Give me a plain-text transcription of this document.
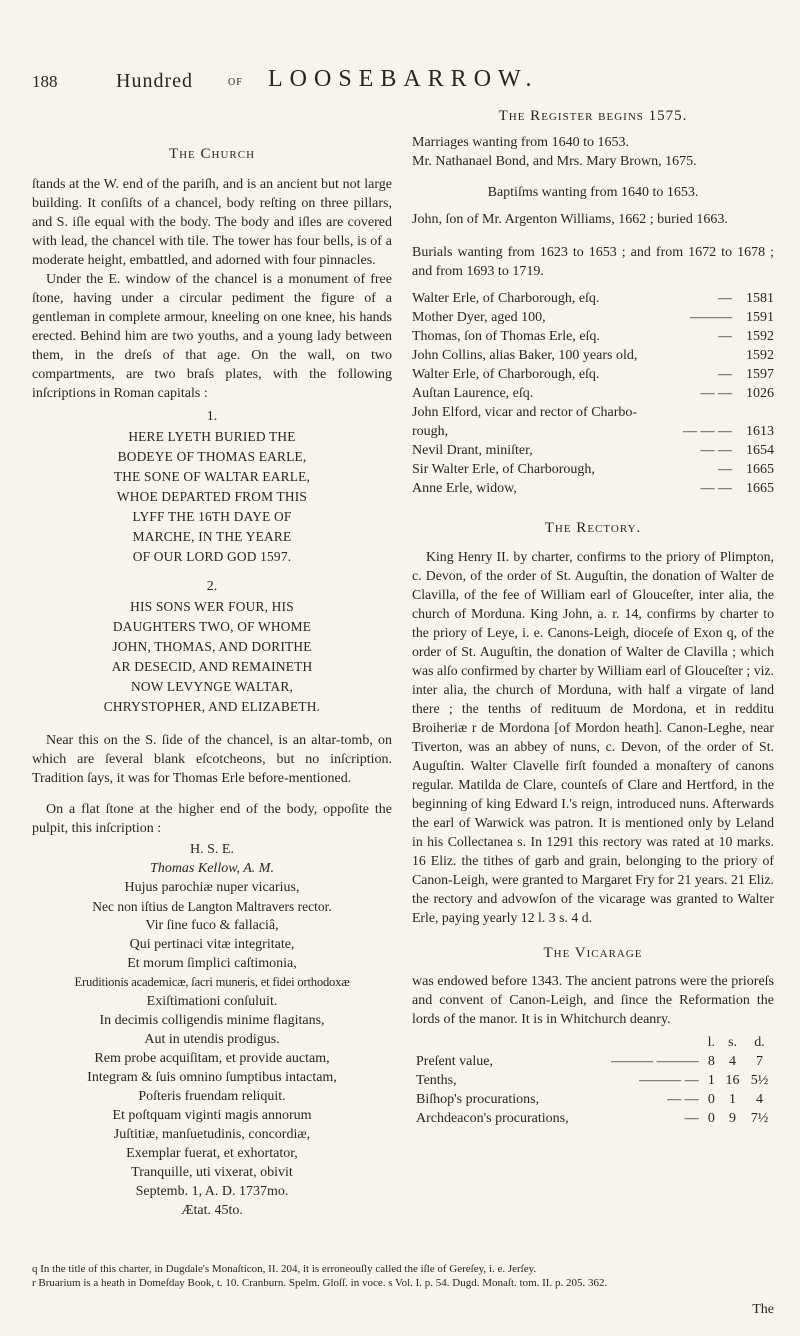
188	Hundred	of LOOSEBARROW.

The Church

ſtands at the W. end of the pariſh, and is an ancient but not large building. It conſiſts of a chancel, body reſting on three pillars, and S. iſle equal with the body. The body and iſles are covered with lead, the chancel with tile. The tower has four bells, is of a moderate height, embattled, and adorned with four pinnacles.

Under the E. window of the chancel is a monument of free ſtone, having under a circular pediment the figure of a gentleman in complete armour, kneeling on one knee, his hands erected. Behind him are two youths, and a young lady between them, in the dreſs of that age. On the wall, on two compartments, are two braſs plates, with the following inſcriptions in Roman capitals :

1.

HERE LYETH BURIED THE

BODEYE OF THOMAS EARLE,

THE SONE OF WALTAR EARLE,

WHOE DEPARTED FROM THIS

LYFF THE 16TH DAYE OF

MARCHE, IN THE YEARE

OF OUR LORD GOD 1597.

2.

HIS SONS WER FOUR, HIS

DAUGHTERS TWO, OF WHOME

JOHN, THOMAS, AND DORITHE

AR DESECID, AND REMAINETH

NOW LEVYNGE WALTAR,

CHRYSTOPHER, AND ELIZABETH.

Near this on the S. ſide of the chancel, is an altar-tomb, on which are ſeveral blank eſcotcheons, but no inſcription. Tradition ſays, it was for Thomas Erle before-mentioned.

On a flat ſtone at the higher end of the body, oppoſite the pulpit, this inſcription :

H. S. E.

Thomas Kellow, A. M.

Hujus parochiæ nuper vicarius,

Nec non iſtius de Langton Maltravers rector.

Vir ſine fuco & fallaciâ,

Qui pertinaci vitæ integritate,

Et morum ſimplici caſtimonia,

Eruditionis academicæ, ſacri muneris, et fidei orthodoxæ

Exiſtimationi conſuluit.

In decimis colligendis minime flagitans,

Aut in utendis prodigus.

Rem probe acquiſitam, et provide auctam,

Integram & ſuis omnino ſumptibus intactam,

Poſteris fruendam reliquit.

Et poſtquam viginti magis annorum

Juſtitiæ, manſuetudinis, concordiæ,

Exemplar fuerat, et exhortator,

Tranquille, uti vixerat, obivit

Septemb. 1, A. D. 1737mo.

Ætat. 45to.

The Register begins 1575.

Marriages wanting from 1640 to 1653.

Mr. Nathanael Bond, and Mrs. Mary Brown, 1675.

Baptiſms wanting from 1640 to 1653.

John, ſon of Mr. Argenton Williams, 1662 ; buried 1663.

Burials wanting from 1623 to 1653 ; and from 1672 to 1678 ; and from 1693 to 1719.

Walter Erle, of Charborough, eſq.	—	1581
Mother Dyer, aged 100,	———	1591
Thomas, ſon of Thomas Erle, eſq.	—	1592
John Collins, alias Baker, 100 years old,	1592
Walter Erle, of Charborough, eſq.	—	1597
Auſtan Laurence, eſq.	— —	1026
John Elford, vicar and rector of Charbo-
rough,	— — —	1613
Nevil Drant, miniſter,	— —	1654
Sir Walter Erle, of Charborough,	—	1665
Anne Erle, widow,	— —	1665

The Rectory.

King Henry II. by charter, confirms to the priory of Plimpton, c. Devon, of the order of St. Auguſtin, the donation of Walter de Clavilla, of the fee of William earl of Glouceſter, inter alia, the church of Morduna. King John, a. r. 14, confirms by charter to the priory of Leye, i. e. Canons-Leigh, dioceſe of Exon q, of the order of St. Auguſtin, the donation of Walter de Clavilla ; which was alſo confirmed by charter by William earl of Glouceſter ; viz. inter alia, the church of Morduna, with half a virgate of land there ; the tenths of redituum de Mordona, et in redditu Broiheriæ r de Mordona [of Mordon heath]. Canon-Leghe, near Tiverton, was an abbey of nuns, c. Devon, of the order of St. Auguſtin. Walter Clavelle firſt founded a monaſtery of canons regular. Matilda de Clare, counteſs of Clare and Hertford, in the beginning of king Edward I.'s reign, introduced nuns. Afterwards the earl of Warwick was patron. It is mentioned only by Leland in his Collectanea s. In 1291 this rectory was rated at 10 marks. 16 Eliz. the tithes of garb and grain, belonging to the priory of Canon-Leigh, were granted to Margaret Fry for 21 years. 21 Eliz. the rectory and advowſon of the vicarage was granted to Walter Erle, paying yearly 12 l. 3 s. 4 d.

The Vicarage

was endowed before 1343. The ancient patrons were the prioreſs and convent of Canon-Leigh, and ſince the Reformation the lords of the manor. It is in Whitchurch deanry.

		l.	s.	d.
Preſent value,	——— ———	8	4	7
Tenths,	——— —	1	16	5½
Biſhop's procurations,	— —	0	1	4
Archdeacon's procurations,	—	0	9	7½

q In the title of this charter, in Dugdale's Monaſticon, II. 204, it is erroneouſly called the iſle of Gereſey, i. e. Jerſey.

r Bruarium is a heath in Domeſday Book, t. 10. Cranburn. Spelm. Gloſſ. in voce. s Vol. I. p. 54. Dugd. Monaſt. tom. II. p. 205. 362.

The
